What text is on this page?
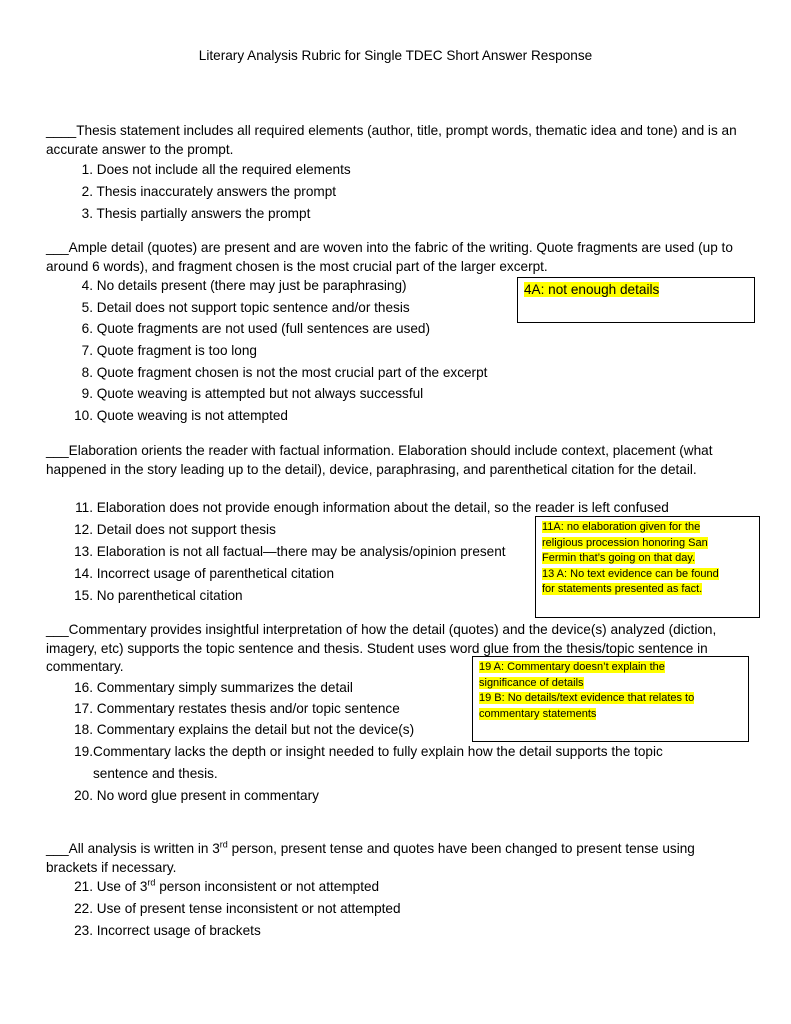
Literary Analysis Rubric for Single TDEC Short Answer Response
____Thesis statement includes all required elements (author, title, prompt words, thematic idea and tone) and is an accurate answer to the prompt.
1. Does not include all the required elements
2. Thesis inaccurately answers the prompt
3. Thesis partially answers the prompt
___Ample detail (quotes) are present and are woven into the fabric of the writing. Quote fragments are used (up to around 6 words), and fragment chosen is the most crucial part of the larger excerpt.
4. No details present (there may just be paraphrasing)
5. Detail does not support topic sentence and/or thesis
6. Quote fragments are not used (full sentences are used)
7. Quote fragment is too long
8. Quote fragment chosen is not the most crucial part of the excerpt
9. Quote weaving is attempted but not always successful
10. Quote weaving is not attempted
4A: not enough details
___Elaboration orients the reader with factual information. Elaboration should include context, placement (what happened in the story leading up to the detail), device, paraphrasing, and parenthetical citation for the detail.
11. Elaboration does not provide enough information about the detail, so the reader is left confused
12. Detail does not support thesis
13. Elaboration is not all factual—there may be analysis/opinion present
14. Incorrect usage of parenthetical citation
15. No parenthetical citation
11A: no elaboration given for the
religious procession honoring San
Fermin that’s going on that day.
13 A: No text evidence can be found
for statements presented as fact.
___Commentary provides insightful interpretation of how the detail (quotes) and the device(s) analyzed (diction, imagery, etc) supports the topic sentence and thesis. Student uses word glue from the thesis/topic sentence in commentary.
16. Commentary simply summarizes the detail
17. Commentary restates thesis and/or topic sentence
18. Commentary explains the detail but not the device(s)
19. Commentary lacks the depth or insight needed to fully explain how the detail supports the topic sentence and thesis.
20. No word glue present in commentary
19 A: Commentary doesn’t explain the
significance of details
19 B: No details/text evidence that relates to
commentary statements
___All analysis is written in 3rd person, present tense and quotes have been changed to present tense using brackets if necessary.
21. Use of 3rd person inconsistent or not attempted
22. Use of present tense inconsistent or not attempted
23. Incorrect usage of brackets
